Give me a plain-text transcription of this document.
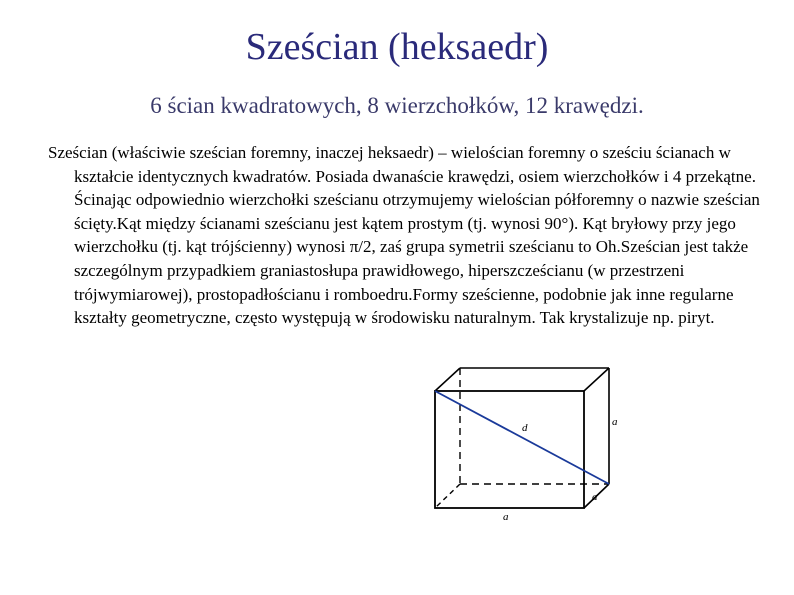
Sześcian (heksaedr)
6 ścian kwadratowych, 8 wierzchołków, 12 krawędzi.

Sześcian (właściwie sześcian foremny, inaczej heksaedr) – wielościan foremny o sześciu ścianach w kształcie identycznych kwadratów. Posiada dwanaście krawędzi, osiem wierzchołków i 4 przekątne. Ścinając odpowiednio wierzchołki sześcianu otrzymujemy wielościan półforemny o nazwie sześcian ścięty.Kąt między ścianami sześcianu jest kątem prostym (tj. wynosi 90°). Kąt bryłowy przy jego wierzchołku (tj. kąt trójścienny) wynosi π/2, zaś grupa symetrii sześcianu to Oh.Sześcian jest także szczególnym przypadkiem graniastosłupa prawidłowego, hiperszcześcianu (w przestrzeni trójwymiarowej), prostopadłościanu i romboedru.Formy sześcienne, podobnie jak inne regularne kształty geometryczne, często występują w środowisku naturalnym. Tak krystalizuje np. piryt.

d	a
a
a
